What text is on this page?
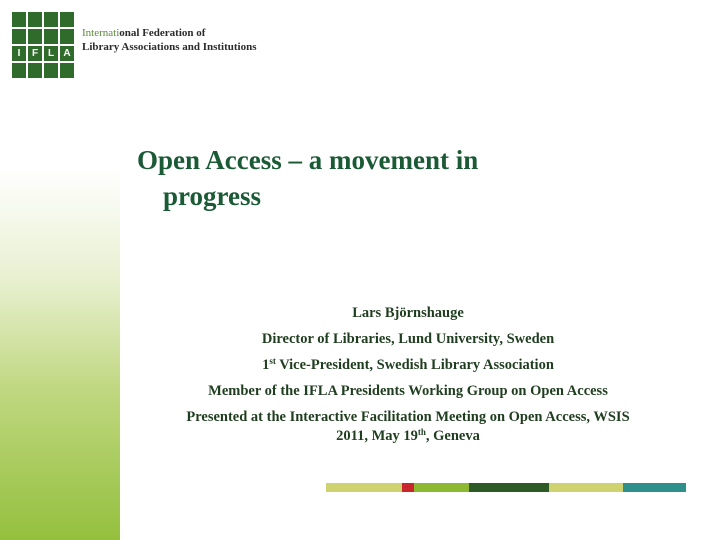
I	F L A
International Federation of
Library Associations and Institutions
Open Access – a movement in
progress

Lars Björnshauge

Director of Libraries, Lund University, Sweden

1st Vice-President, Swedish Library Association

Member of the IFLA Presidents Working Group on Open Access

Presented at the Interactive Facilitation Meeting on Open Access, WSIS
2011, May 19th, Geneva
